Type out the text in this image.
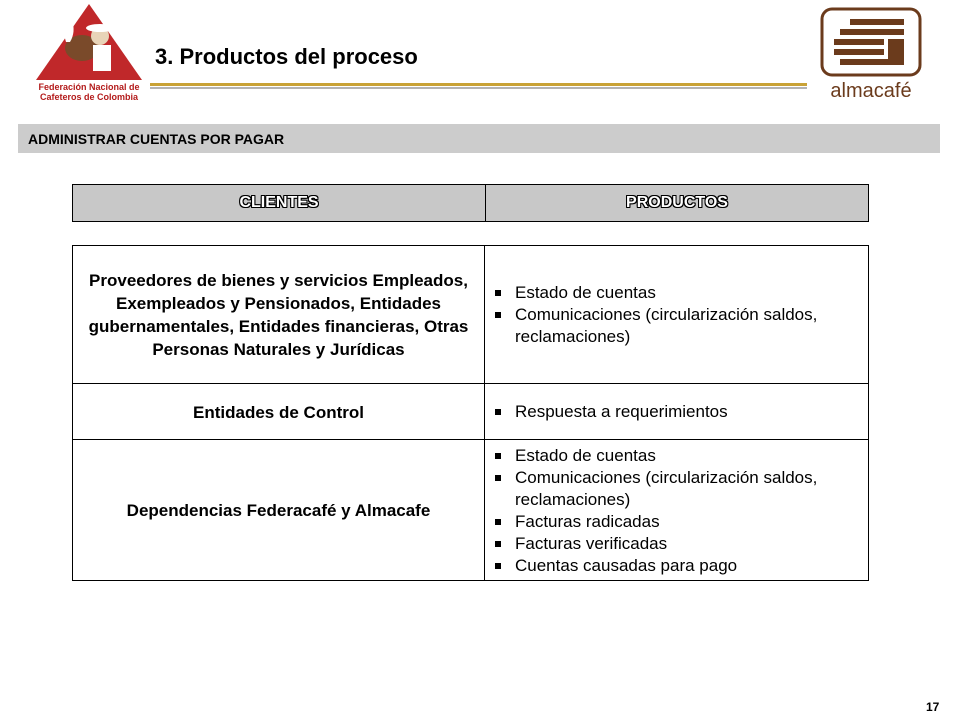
Federación Nacional de
Cafeteros de Colombia
3. Productos del proceso
almacafé
ADMINISTRAR CUENTAS POR PAGAR
CLIENTES	PRODUCTOS
Proveedores de bienes y servicios Empleados, Exempleados y Pensionados, Entidades gubernamentales, Entidades financieras, Otras Personas Naturales y Jurídicas
Estado de cuentas
Comunicaciones (circularización saldos, reclamaciones)
Entidades de Control	Respuesta a requerimientos
Dependencias Federacafé y Almacafe
Estado de cuentas
Comunicaciones (circularización saldos, reclamaciones)
Facturas radicadas
Facturas verificadas
Cuentas causadas para pago
17
